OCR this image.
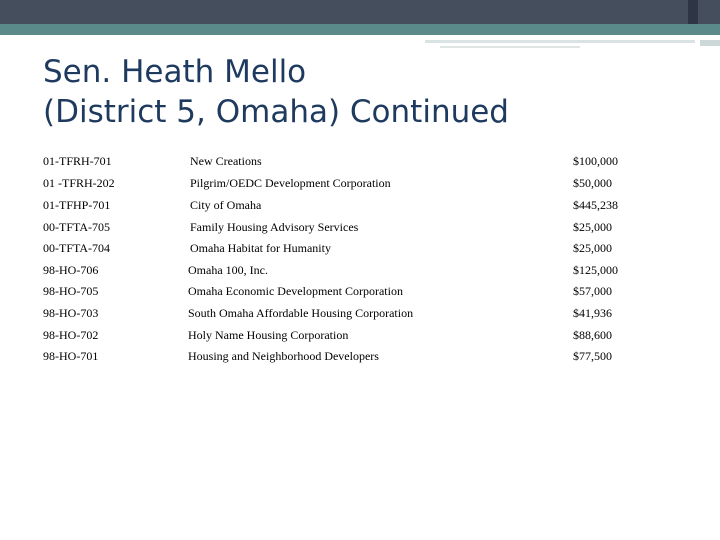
Sen. Heath Mello
(District 5, Omaha) Continued
01-TFRH-701	New Creations	$100,000
01 -TFRH-202	Pilgrim/OEDC Development Corporation	$50,000
01-TFHP-701	City of Omaha	$445,238
00-TFTA-705	Family Housing Advisory Services	$25,000
00-TFTA-704	Omaha Habitat for Humanity	$25,000
98-HO-706	Omaha 100, Inc.	$125,000
98-HO-705	Omaha Economic Development Corporation	$57,000
98-HO-703	South Omaha Affordable Housing Corporation	$41,936
98-HO-702	Holy Name Housing Corporation	$88,600
98-HO-701	Housing and Neighborhood Developers	$77,500
